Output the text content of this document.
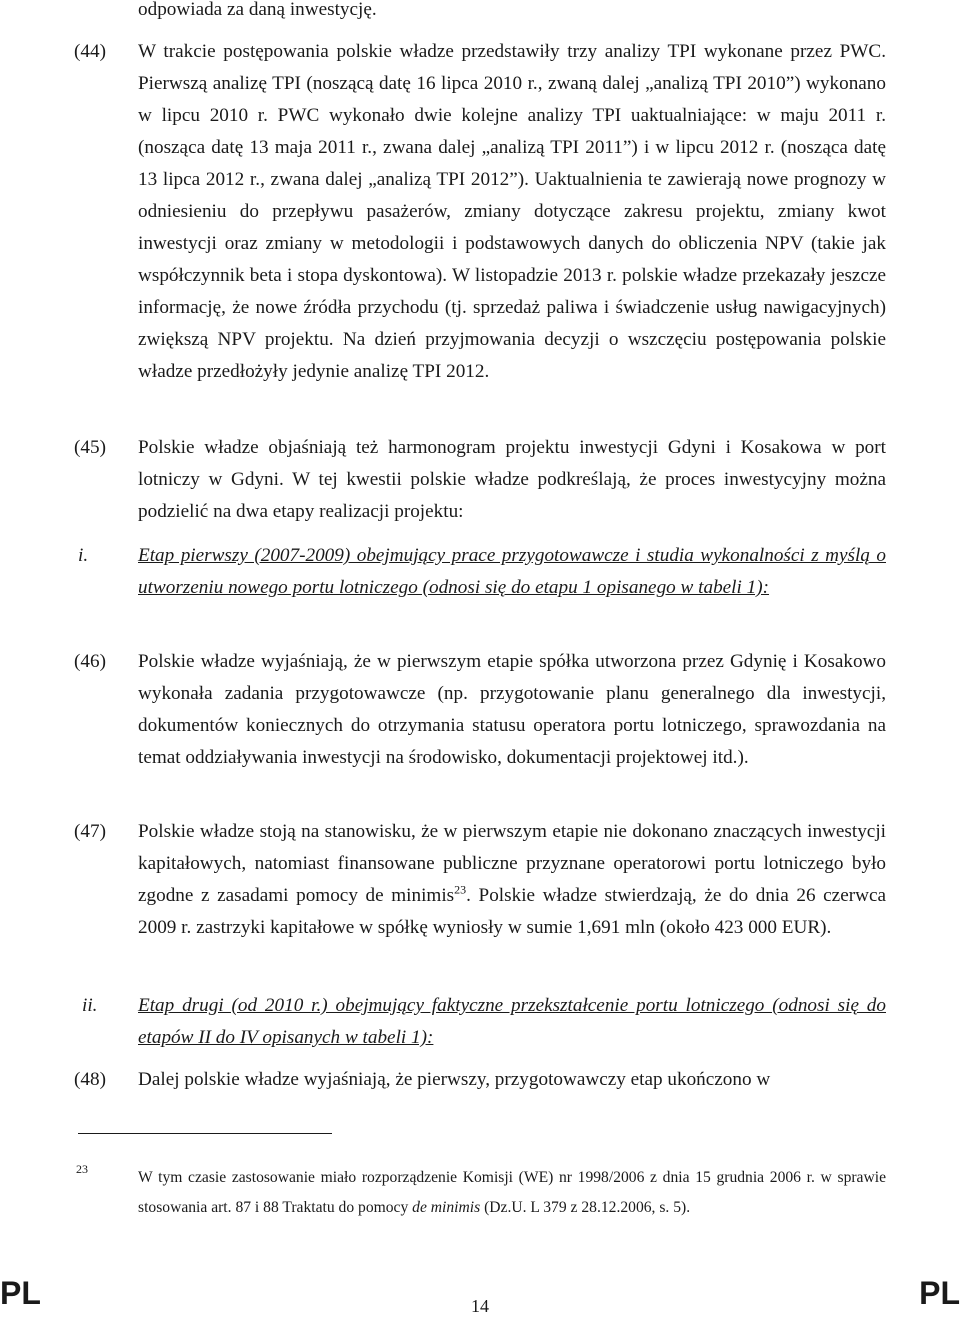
odpowiada za daną inwestycję.
(44) W trakcie postępowania polskie władze przedstawiły trzy analizy TPI wykonane przez PWC. Pierwszą analizę TPI (noszącą datę 16 lipca 2010 r., zwaną dalej „analizą TPI 2010”) wykonano w lipcu 2010 r. PWC wykonało dwie kolejne analizy TPI uaktualniające: w maju 2011 r. (nosząca datę 13 maja 2011 r., zwana dalej „analizą TPI 2011”) i w lipcu 2012 r. (nosząca datę 13 lipca 2012 r., zwana dalej „analizą TPI 2012”). Uaktualnienia te zawierają nowe prognozy w odniesieniu do przepływu pasażerów, zmiany dotyczące zakresu projektu, zmiany kwot inwestycji oraz zmiany w metodologii i podstawowych danych do obliczenia NPV (takie jak współczynnik beta i stopa dyskontowa). W listopadzie 2013 r. polskie władze przekazały jeszcze informację, że nowe źródła przychodu (tj. sprzedaż paliwa i świadczenie usług nawigacyjnych) zwiększą NPV projektu. Na dzień przyjmowania decyzji o wszczęciu postępowania polskie władze przedłożyły jedynie analizę TPI 2012.

(45) Polskie władze objaśniają też harmonogram projektu inwestycji Gdyni i Kosakowa w port lotniczy w Gdyni. W tej kwestii polskie władze podkreślają, że proces inwestycyjny można podzielić na dwa etapy realizacji projektu:

i.	Etap pierwszy (2007-2009) obejmujący prace przygotowawcze i studia wykonalności z myślą o utworzeniu nowego portu lotniczego (odnosi się do etapu 1 opisanego w tabeli 1):

(46) Polskie władze wyjaśniają, że w pierwszym etapie spółka utworzona przez Gdynię i Kosakowo wykonała zadania przygotowawcze (np. przygotowanie planu generalnego dla inwestycji, dokumentów koniecznych do otrzymania statusu operatora portu lotniczego, sprawozdania na temat oddziaływania inwestycji na środowisko, dokumentacji projektowej itd.).

(47) Polskie władze stoją na stanowisku, że w pierwszym etapie nie dokonano znaczących inwestycji kapitałowych, natomiast finansowane publiczne przyznane operatorowi portu lotniczego było zgodne z zasadami pomocy de minimis$^{23}$. Polskie władze stwierdzają, że do dnia 26 czerwca 2009 r. zastrzyki kapitałowe w spółkę wyniosły w sumie 1,691 mln (około 423 000 EUR).

ii. Etap drugi (od 2010 r.) obejmujący faktyczne przekształcenie portu lotniczego (odnosi się do etapów II do IV opisanych w tabeli 1):

(48) Dalej polskie władze wyjaśniają, że pierwszy, przygotowawczy etap ukończono w

23	W tym czasie zastosowanie miało rozporządzenie Komisji (WE) nr 1998/2006 z dnia 15 grudnia 2006 r. w sprawie stosowania art. 87 i 88 Traktatu do pomocy de minimis (Dz.U. L 379 z 28.12.2006, s. 5).

PL	14	PL
